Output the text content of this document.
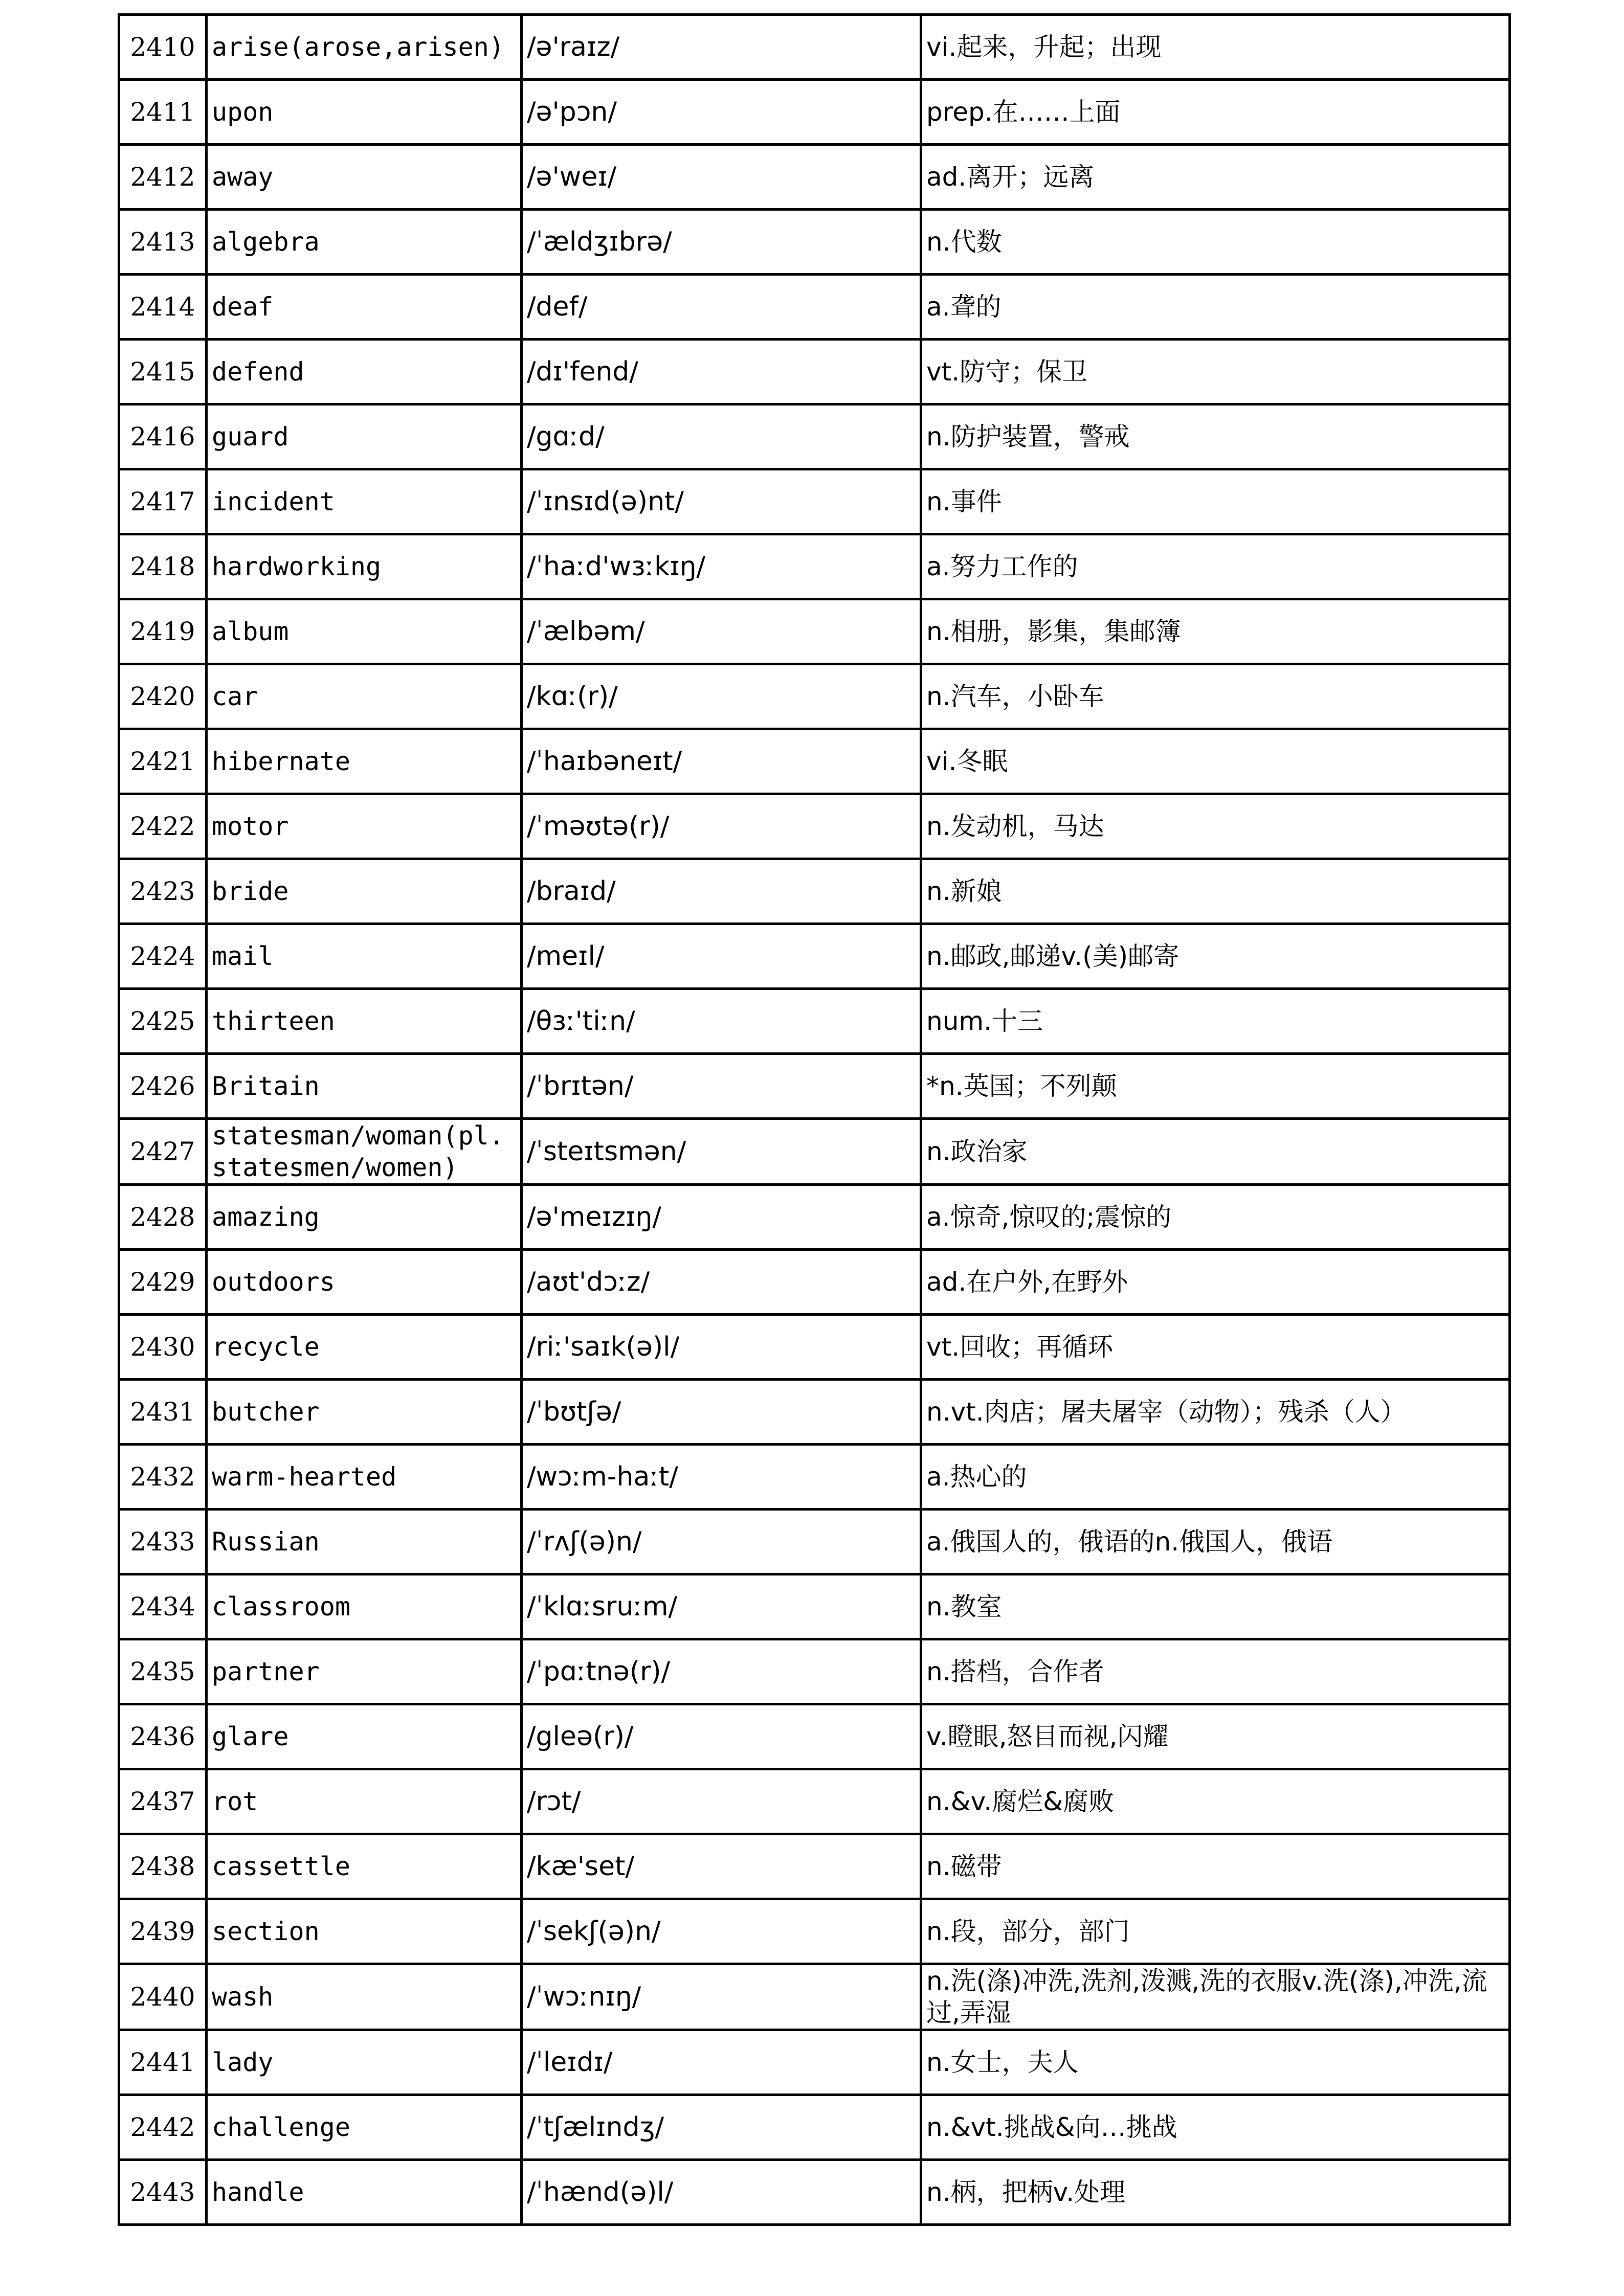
2410	arise(arose,arisen)	/ə'raɪz/	vi.起来，升起；出现
2411	upon	/ə'pɔn/	prep.在……上面
2412	away	/ə'weɪ/	ad.离开；远离
2413	algebra	/ˈældʒɪbrə/	n.代数
2414	deaf	/def/	a.聋的
2415	defend	/dɪ'fend/	vt.防守；保卫
2416	guard	/gɑːd/	n.防护装置，警戒
2417	incident	/ˈɪnsɪd(ə)nt/	n.事件
2418	hardworking	/ˈhaːd'wɜːkɪŋ/	a.努力工作的
2419	album	/ˈælbəm/	n.相册，影集，集邮簿
2420	car	/kɑː(r)/	n.汽车，小卧车
2421	hibernate	/ˈhaɪbəneɪt/	vi.冬眠
2422	motor	/ˈməʊtə(r)/	n.发动机，马达
2423	bride	/braɪd/	n.新娘
2424	mail	/meɪl/	n.邮政,邮递v.(美)邮寄
2425	thirteen	/θɜː'tiːn/	num.十三
2426	Britain	/ˈbrɪtən/	*n.英国；不列颠
2427	statesman/woman(pl.statesmen/women)	/ˈsteɪtsmən/	n.政治家
2428	amazing	/ə'meɪzɪŋ/	a.惊奇,惊叹的;震惊的
2429	outdoors	/aʊt'dɔːz/	ad.在户外,在野外
2430	recycle	/riː'saɪk(ə)l/	vt.回收；再循环
2431	butcher	/ˈbʊtʃə/	n.vt.肉店；屠夫屠宰（动物）；残杀（人）
2432	warm-hearted	/wɔːm-haːt/	a.热心的
2433	Russian	/ˈrʌʃ(ə)n/	a.俄国人的，俄语的n.俄国人，俄语
2434	classroom	/ˈklɑːsruːm/	n.教室
2435	partner	/ˈpɑːtnə(r)/	n.搭档，合作者
2436	glare	/gleə(r)/	v.瞪眼,怒目而视,闪耀
2437	rot	/rɔt/	n.&v.腐烂&腐败
2438	cassettle	/kæ'set/	n.磁带
2439	section	/ˈsekʃ(ə)n/	n.段，部分，部门
2440	wash	/ˈwɔːnɪŋ/	n.洗(涤)冲洗,洗剂,泼溅,洗的衣服v.洗(涤),冲洗,流过,弄湿
2441	lady	/ˈleɪdɪ/	n.女士，夫人
2442	challenge	/ˈtʃælɪndʒ/	n.&vt.挑战&向…挑战
2443	handle	/ˈhænd(ə)l/	n.柄，把柄v.处理
